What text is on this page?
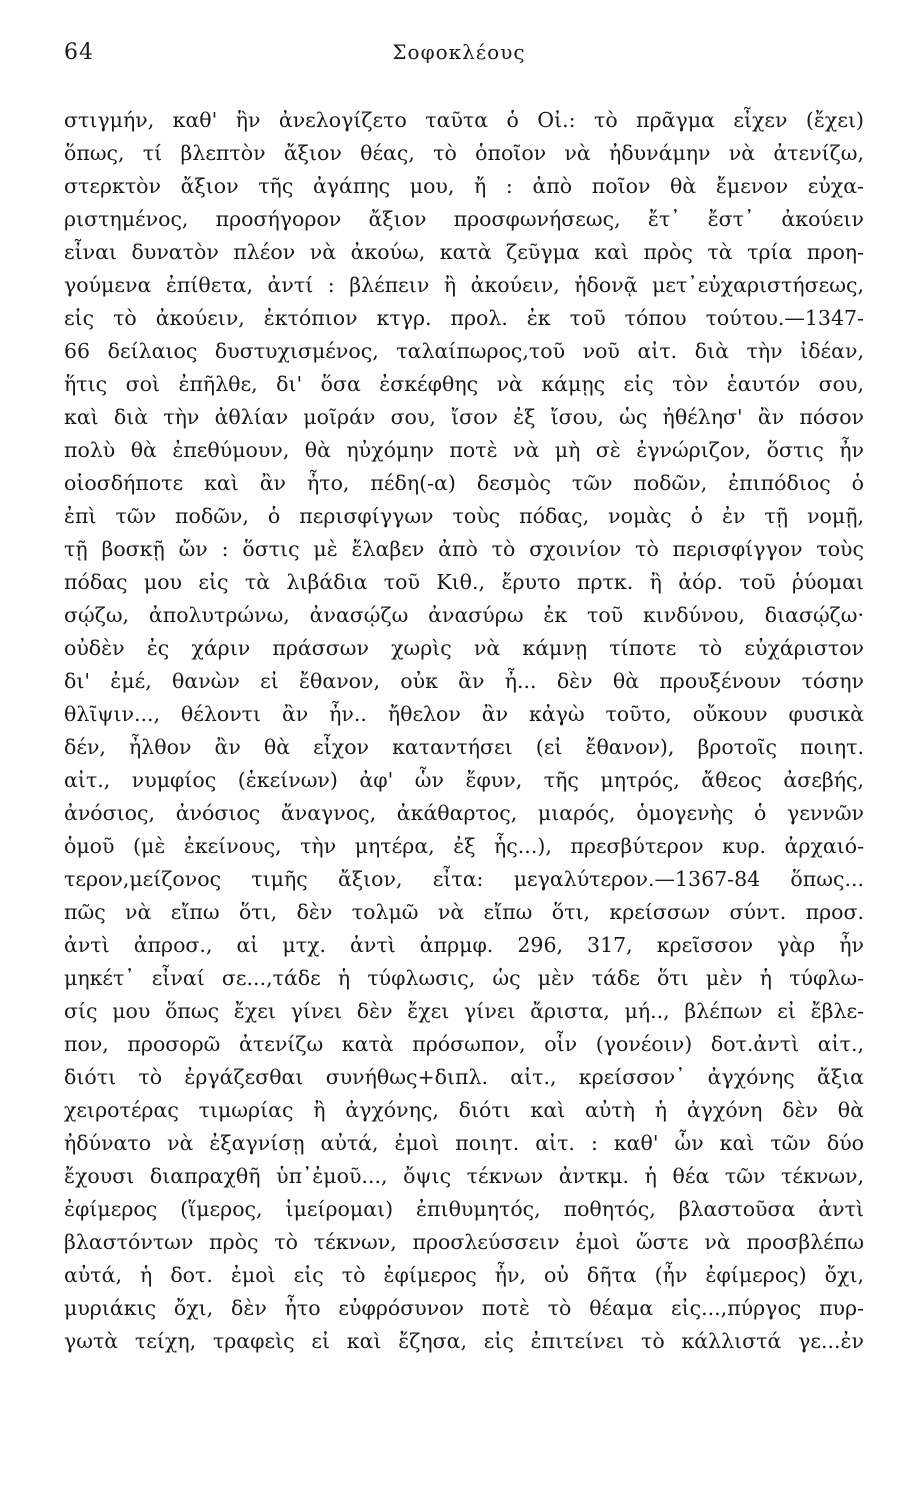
64	Σοφοκλέους
στιγμήν, καθ' ἣν ἀνελογίζετο ταῦτα ὁ Οἰ.: τὸ πρᾶγμα εἶχεν (ἔχει)
ὅπως, τί βλεπτὸν ἄξιον θέας, τὸ ὁποῖον νὰ ἠδυνάμην νὰ ἀτενίζω,
στερκτὸν ἄξιον τῆς ἀγάπης μου, ἤ : ἀπὸ ποῖον θὰ ἔμενον εὐχα-
ριστημένος, προσήγορον ἄξιον προσφωνήσεως, ἔτ᾽ ἔστ᾽ ἀκούειν
εἶναι δυνατὸν πλέον νὰ ἀκούω, κατὰ ζεῦγμα καὶ πρὸς τὰ τρία προη-
γούμενα ἐπίθετα, ἀντί : βλέπειν ἢ ἀκούειν, ἡδονᾷ μετ᾽εὐχαριστήσεως,
εἰς τὸ ἀκούειν, ἐκτόπιον κτγρ. προλ. ἐκ τοῦ τόπου τούτου.—1347-
66 δείλαιος δυστυχισμένος, ταλαίπωρος,τοῦ νοῦ αἰτ. διὰ τὴν ἰδέαν,
ἥτις σοὶ ἐπῆλθε, δι' ὅσα ἐσκέφθης νὰ κάμῃς εἰς τὸν ἑαυτόν σου,
καὶ διὰ τὴν ἀθλίαν μοῖράν σου, ἴσον ἐξ ἴσου, ὡς ἠθέλησ' ἂν πόσον
πολὺ θὰ ἐπεθύμουν, θὰ ηὐχόμην ποτὲ νὰ μὴ σὲ ἐγνώριζον, ὅστις ἦν
οἱοσδήποτε καὶ ἂν ἦτο, πέδη(-α) δεσμὸς τῶν ποδῶν, ἐπιπόδιος ὁ
ἐπὶ τῶν ποδῶν, ὁ περισφίγγων τοὺς πόδας, νομὰς ὁ ἐν τῇ νομῇ,
τῇ βοσκῇ ὤν : ὅστις μὲ ἔλαβεν ἀπὸ τὸ σχοινίον τὸ περισφίγγον τοὺς
πόδας μου εἰς τὰ λιβάδια τοῦ Κιθ., ἔρυτο πρτκ. ἢ ἀόρ. τοῦ ῥύομαι
σῴζω, ἀπολυτρώνω, ἀνασῴζω ἀνασύρω ἐκ τοῦ κινδύνου, διασῴζω·
οὐδὲν ἐς χάριν πράσσων χωρὶς νὰ κάμνῃ τίποτε τὸ εὐχάριστον
δι' ἐμέ, θανὼν εἰ ἔθανον, οὐκ ἂν ἦ... δὲν θὰ προυξένουν τόσην
θλῖψιν..., θέλοντι ἂν ἦν.. ἤθελον ἂν κἀγὼ τοῦτο, οὔκουν φυσικὰ
δέν, ἦλθον ἂν θὰ εἶχον καταντήσει (εἰ ἔθανον), βροτοῖς ποιητ.
αἰτ., νυμφίος (ἐκείνων) ἀφ' ὧν ἔφυν, τῆς μητρός, ἄθεος ἀσεβής,
ἀνόσιος, ἀνόσιος ἄναγνος, ἀκάθαρτος, μιαρός, ὁμογενὴς ὁ γεννῶν
ὁμοῦ (μὲ ἐκείνους, τὴν μητέρα, ἐξ ἧς...), πρεσβύτερον κυρ. ἀρχαιό-
τερον,μείζονος τιμῆς ἄξιον, εἶτα: μεγαλύτερον.—1367-84 ὅπως...
πῶς νὰ εἴπω ὅτι, δὲν τολμῶ νὰ εἴπω ὅτι, κρείσσων σύντ. προσ.
ἀντὶ ἀπροσ., αἱ μτχ. ἀντὶ ἀπρμφ. 296, 317, κρεῖσσον γὰρ ἦν
μηκέτ᾽ εἶναί σε...,τάδε ἡ τύφλωσις, ὡς μὲν τάδε ὅτι μὲν ἡ τύφλω-
σίς μου ὅπως ἔχει γίνει δὲν ἔχει γίνει ἄριστα, μή.., βλέπων εἰ ἔβλε-
πον, προσορῶ ἀτενίζω κατὰ πρόσωπον, οἷν (γονέοιν) δοτ.ἀντὶ αἰτ.,
διότι τὸ ἐργάζεσθαι συνήθως+διπλ. αἰτ., κρείσσον᾽ ἀγχόνης ἄξια
χειροτέρας τιμωρίας ἢ ἀγχόνης, διότι καὶ αὐτὴ ἡ ἀγχόνη δὲν θὰ
ἠδύνατο νὰ ἐξαγνίσῃ αὐτά, ἐμοὶ ποιητ. αἰτ. : καθ' ὧν καὶ τῶν δύο
ἔχουσι διαπραχθῆ ὑπ᾽ἐμοῦ..., ὄψις τέκνων ἀντκμ. ἡ θέα τῶν τέκνων,
ἐφίμερος (ἵμερος, ἱμείρομαι) ἐπιθυμητός, ποθητός, βλαστοῦσα ἀντὶ
βλαστόντων πρὸς τὸ τέκνων, προσλεύσσειν ἐμοὶ ὥστε νὰ προσβλέπω
αὐτά, ἡ δοτ. ἐμοὶ εἰς τὸ ἐφίμερος ἦν, οὐ δῆτα (ἦν ἐφίμερος) ὄχι,
μυριάκις ὄχι, δὲν ἦτο εὐφρόσυνον ποτὲ τὸ θέαμα εἰς...,πύργος πυρ-
γωτὰ τείχη, τραφεὶς εἰ καὶ ἔζησα, εἰς ἐπιτείνει τὸ κάλλιστά γε...ἐν
